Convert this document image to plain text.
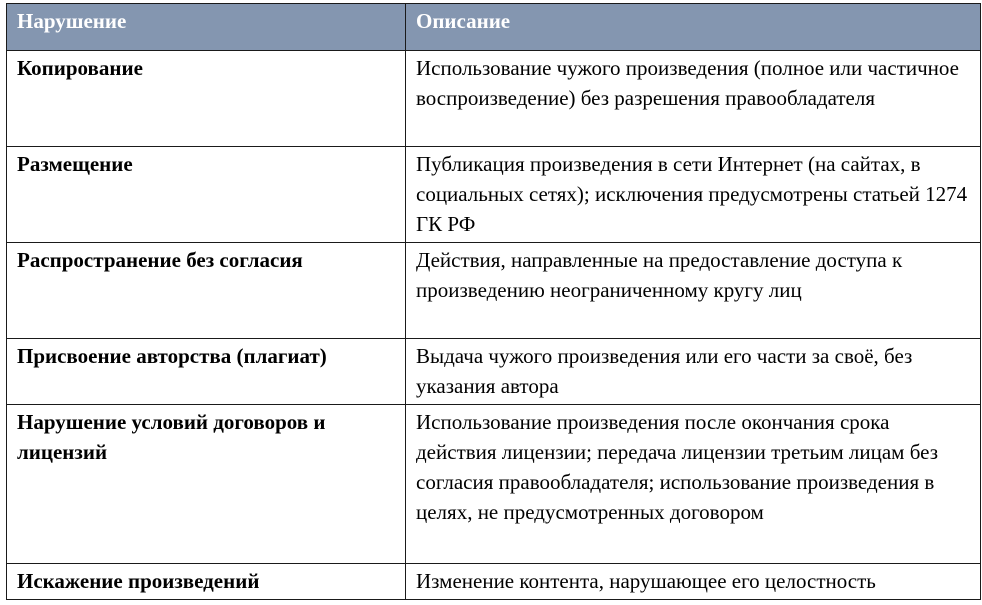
Нарушение	Описание
Копирование	Использование чужого произведения (полное или частичное воспроизведение) без разрешения правообладателя
Размещение	Публикация произведения в сети Интернет (на сайтах, в социальных сетях); исключения предусмотрены статьей 1274 ГК РФ
Распространение без согласия	Действия, направленные на предоставление доступа к произведению неограниченному кругу лиц
Присвоение авторства (плагиат)	Выдача чужого произведения или его части за своё, без указания автора
Нарушение условий договоров и лицензий	Использование произведения после окончания срока действия лицензии; передача лицензии третьим лицам без согласия правообладателя; использование произведения в целях, не предусмотренных договором
Искажение произведений	Изменение контента, нарушающее его целостность
